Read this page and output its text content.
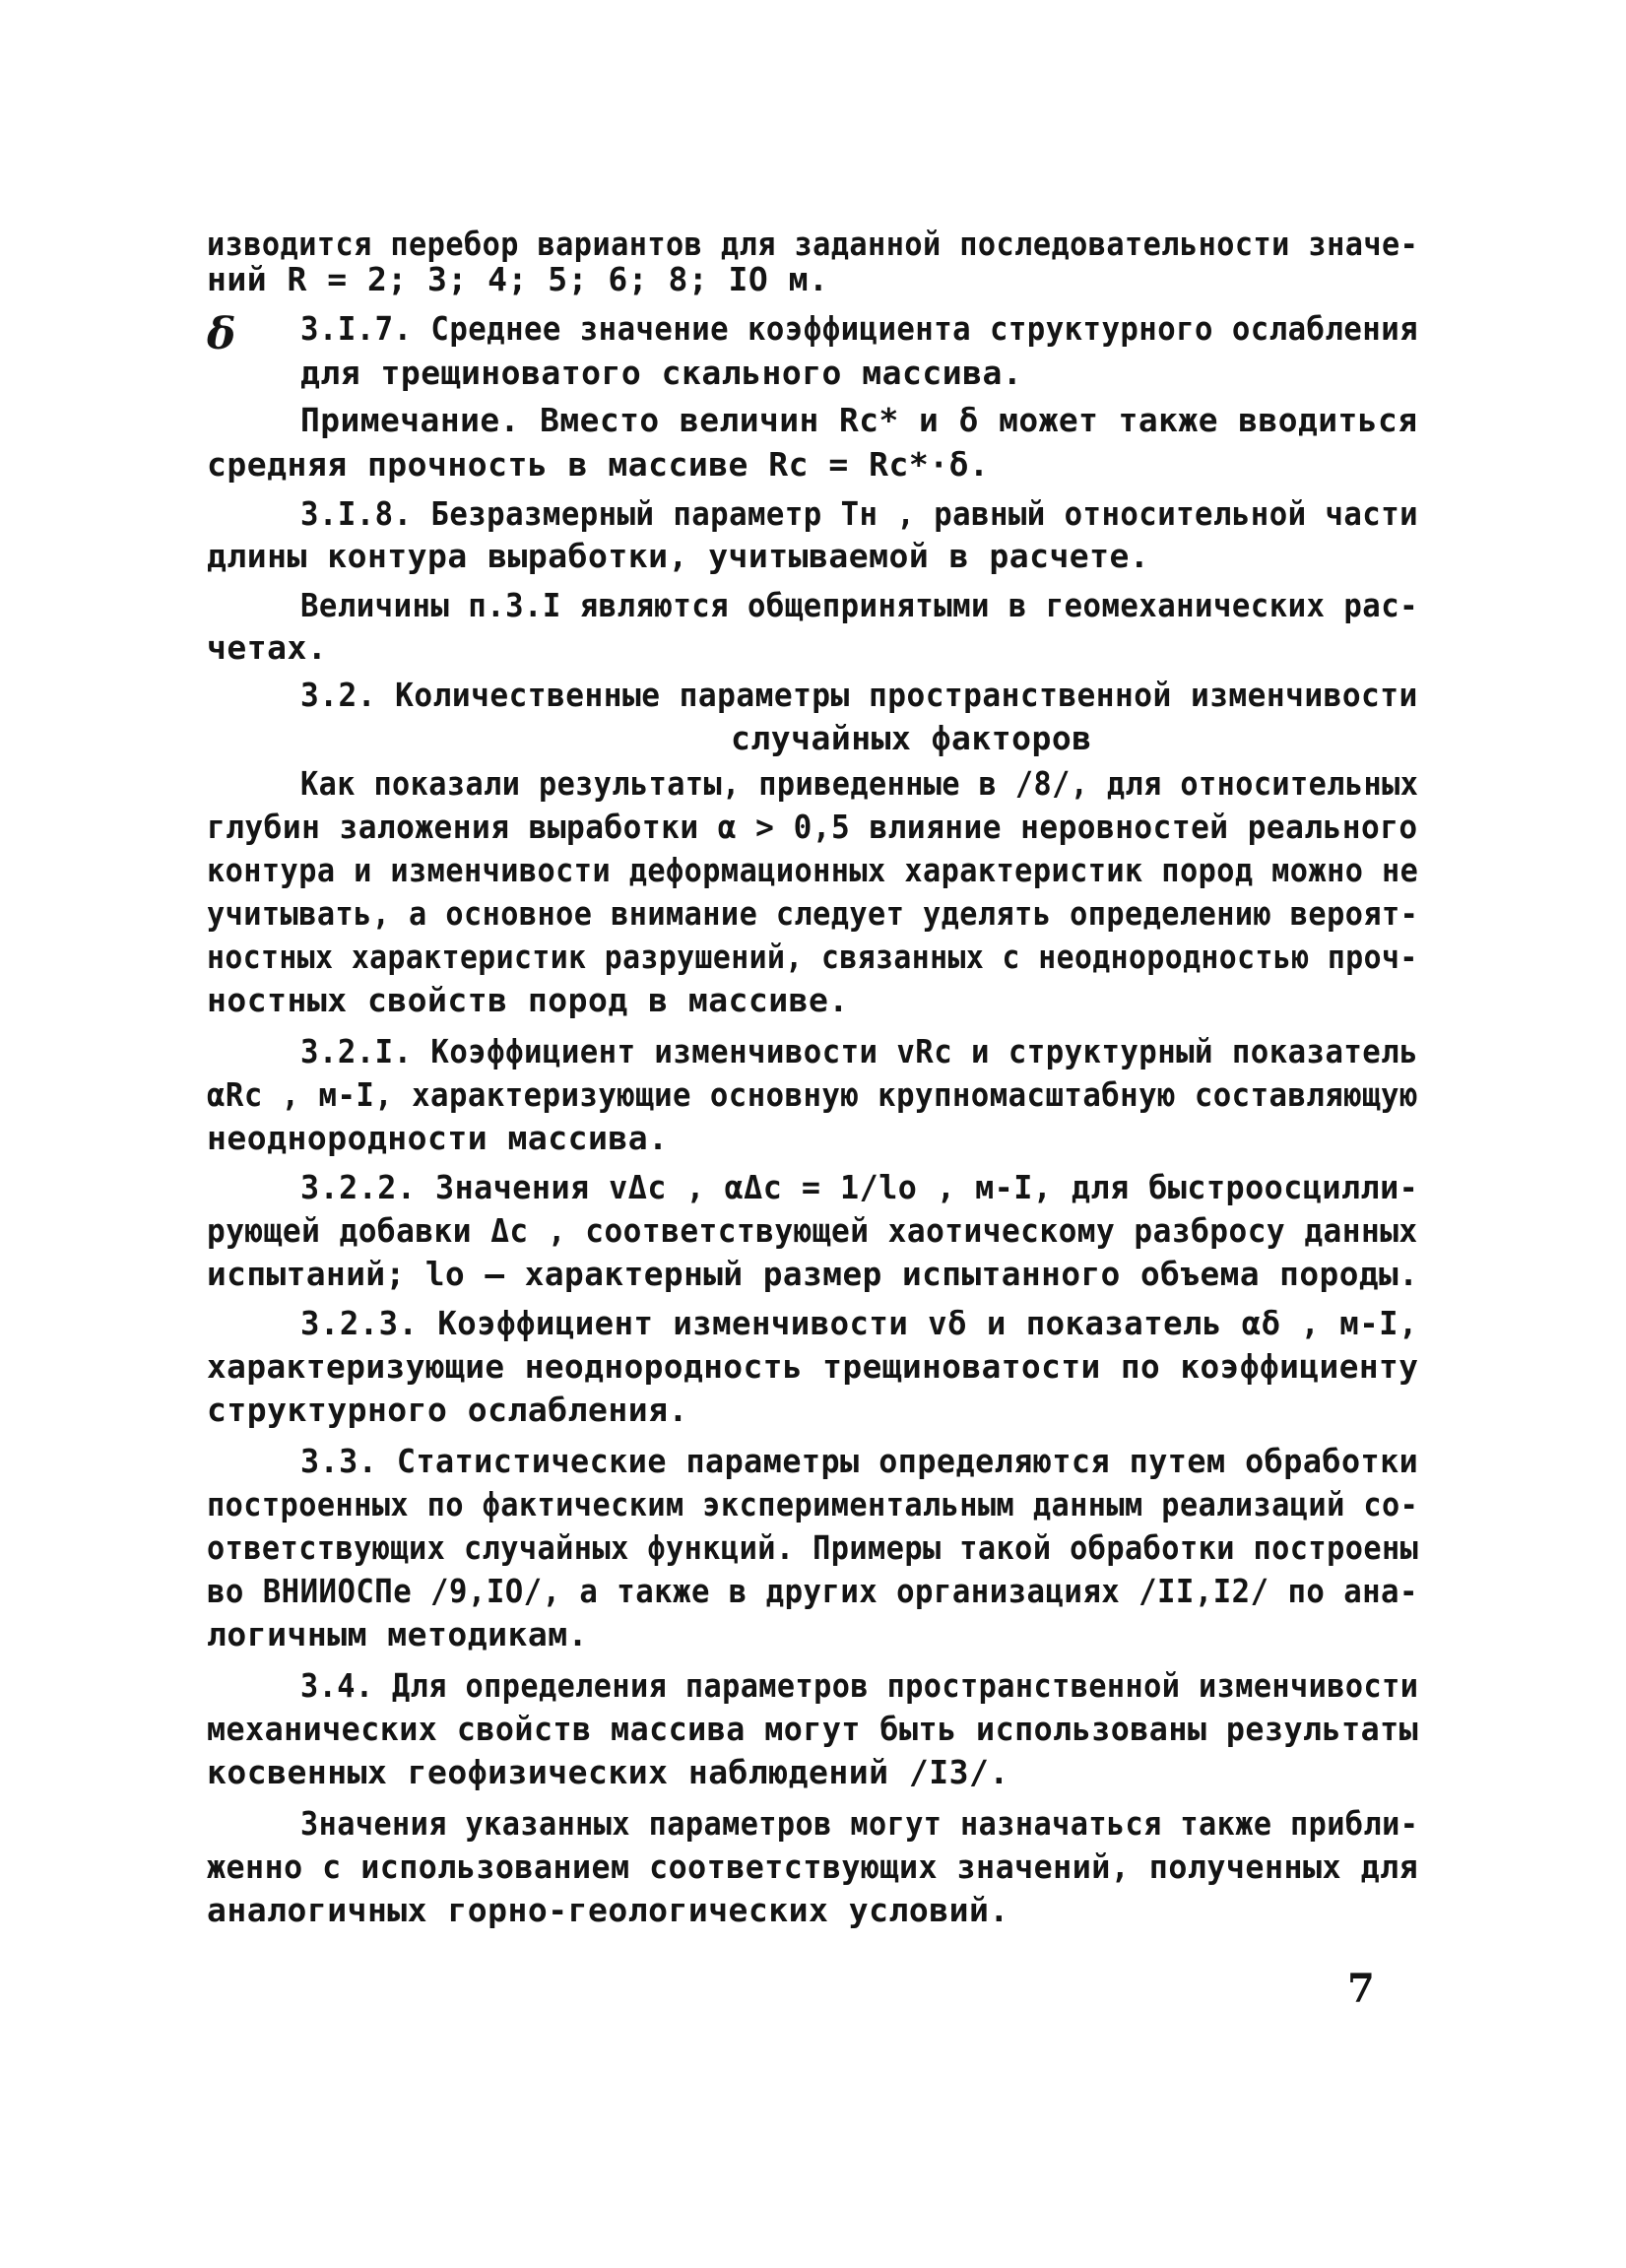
изводится перебор вариантов для заданной последовательности значе-
ний R = 2; 3; 4; 5; 6; 8; IO м.
3.I.7. Среднее значение коэффициента структурного ослабления
δ
для трещиноватого скального массива.
Примечание. Вместо величин Rc* и δ может также вводиться
средняя прочность в массиве Rc = Rc*·δ.
3.I.8. Безразмерный параметр Tн , равный относительной части
длины контура выработки, учитываемой в расчете.
Величины п.3.I являются общепринятыми в геомеханических рас-
четах.
3.2. Количественные параметры пространственной изменчивости
случайных факторов
Как показали результаты, приведенные в /8/, для относительных
глубин заложения выработки α > 0,5 влияние неровностей реального
контура и изменчивости деформационных характеристик пород можно не
учитывать, а основное внимание следует уделять определению вероят-
ностных характеристик разрушений, связанных с неоднородностью проч-
ностных свойств пород в массиве.
3.2.I. Коэффициент изменчивости vRc и структурный показатель
αRc , м-I, характеризующие основную крупномасштабную составляющую
неоднородности массива.
3.2.2. Значения vΔc , αΔc = 1/lo , м-I, для быстроосцилли-
рующей добавки Δc , соответствующей хаотическому разбросу данных
испытаний; lo – характерный размер испытанного объема породы.
3.2.3. Коэффициент изменчивости vδ и показатель αδ , м-I,
характеризующие неоднородность трещиноватости по коэффициенту
структурного ослабления.
3.3. Статистические параметры определяются путем обработки
построенных по фактическим экспериментальным данным реализаций со-
ответствующих случайных функций. Примеры такой обработки построены
во ВНИИОСПе /9,IO/, а также в других организациях /II,I2/ по ана-
логичным методикам.
3.4. Для определения параметров пространственной изменчивости
механических свойств массива могут быть использованы результаты
косвенных геофизических наблюдений /I3/.
Значения указанных параметров могут назначаться также прибли-
женно с использованием соответствующих значений, полученных для
аналогичных горно-геологических условий.
7
